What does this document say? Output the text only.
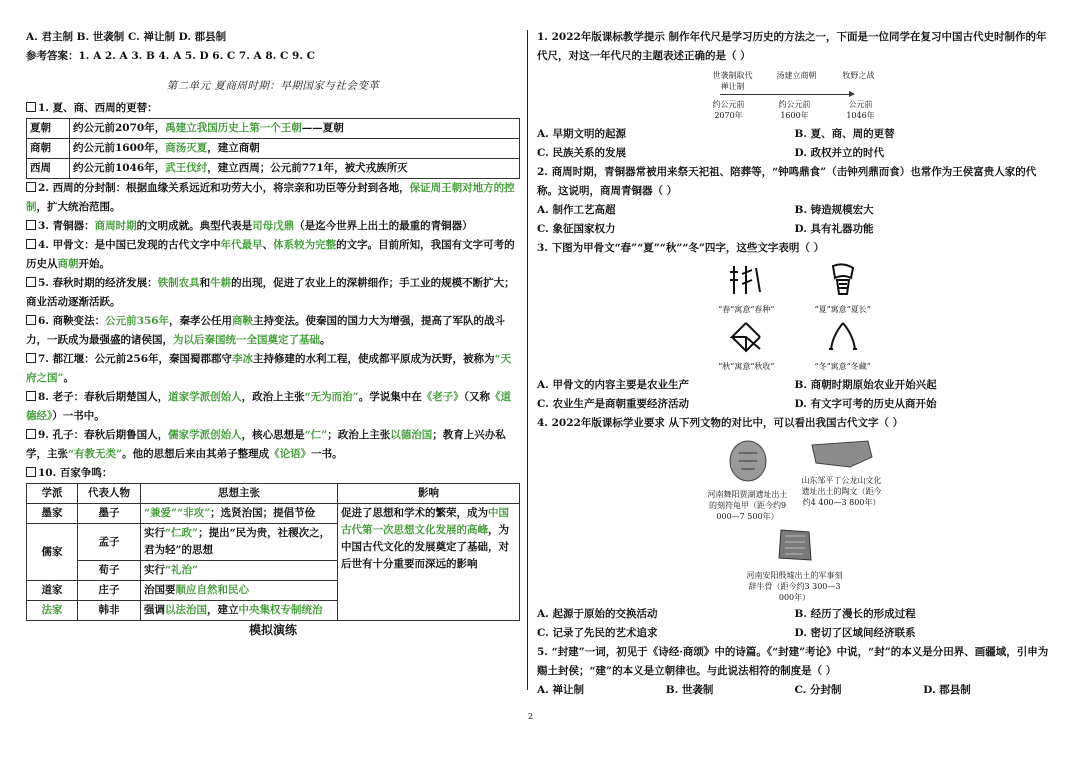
A. 君主制 B. 世袭制 C. 禅让制 D. 郡县制
参考答案：1. A 2. A 3. B 4. A 5. D 6. C 7. A 8. C 9. C
第二单元 夏商周时期：早期国家与社会变革
1. 夏、商、西周的更替：
夏朝	约公元前2070年，禹建立我国历史上第一个王朝——夏朝
商朝	约公元前1600年，商汤灭夏，建立商朝
西周	约公元前1046年，武王伐纣，建立西周；公元前771年，被犬戎族所灭
2. 西周的分封制：根据血缘关系远近和功劳大小，将宗亲和功臣等分封到各地，保证周王朝对地方的控制，扩大统治范围。
3. 青铜器：商周时期的文明成就。典型代表是司母戊鼎（是迄今世界上出土的最重的青铜器）
4. 甲骨文：是中国已发现的古代文字中年代最早、体系较为完整的文字。目前所知，我国有文字可考的历史从商朝开始。
5. 春秋时期的经济发展：铁制农具和牛耕的出现，促进了农业上的深耕细作；手工业的规模不断扩大；商业活动逐渐活跃。
6. 商鞅变法：公元前356年，秦孝公任用商鞅主持变法。使秦国的国力大为增强，提高了军队的战斗力，一跃成为最强盛的诸侯国，为以后秦国统一全国奠定了基础。
7. 都江堰：公元前256年，秦国蜀郡郡守李冰主持修建的水利工程，使成都平原成为沃野，被称为“天府之国”。
8. 老子：春秋后期楚国人，道家学派创始人，政治上主张“无为而治”。学说集中在《老子》（又称《道德经》）一书中。
9. 孔子：春秋后期鲁国人，儒家学派创始人，核心思想是“仁”；政治上主张以德治国；教育上兴办私学，主张“有教无类”。他的思想后来由其弟子整理成《论语》一书。
10. 百家争鸣：
学派	代表人物	思想主张	影响
墨家	墨子	“兼爱”“非攻”；选贤治国；提倡节俭	促进了思想和学术的繁荣，成为中国古代第一次思想文化发展的高峰，为中国古代文化的发展奠定了基础，对后世有十分重要而深远的影响
儒家	孟子	实行“仁政”；提出“民为贵，社稷次之，君为轻”的思想	
	荀子	实行“礼治”	
道家	庄子	治国要顺应自然和民心	
法家	韩非	强调以法治国，建立中央集权专制统治	
模拟演练
1. 2022年版课标教学提示 制作年代尺是学习历史的方法之一，下面是一位同学在复习中国古代史时制作的年代尺，对这一年代尺的主题表述正确的是（ ）
世袭制取代禅让制
汤建立商朝	牧野之战
约公元前2070年
约公元前1600年
公元前1046年
A. 早期文明的起源	B. 夏、商、周的更替
C. 民族关系的发展	D. 政权并立的时代
2. 商周时期，青铜器常被用来祭天祀祖、陪葬等，“钟鸣鼎食”（击钟列鼎而食）也常作为王侯富贵人家的代称。这说明，商周青铜器（ ）
A. 制作工艺高超	B. 铸造规模宏大
C. 象征国家权力	D. 具有礼器功能
3. 下图为甲骨文“春”“夏”“秋”“冬”四字，这些文字表明（ ）
“春”寓意“春种”	“夏”寓意“夏长”
“秋”寓意“秋收”	“冬”寓意“冬藏”
A. 甲骨文的内容主要是农业生产	B. 商朝时期原始农业开始兴起
C. 农业生产是商朝重要经济活动	D. 有文字可考的历史从商开始
4. 2022年版课标学业要求 从下列文物的对比中，可以看出我国古代文字（ ）
河南舞阳贾湖遗址出土的刻符龟甲（距今约9 000—7 500年）
山东邹平丁公龙山文化遗址出土的陶文（距今约4 400—3 800年）
河南安阳殷墟出土的军事刻辞牛骨（距今约3 300—3 000年）
A. 起源于原始的交换活动	B. 经历了漫长的形成过程
C. 记录了先民的艺术追求	D. 密切了区域间经济联系
5. “封建”一词，初见于《诗经·商颂》中的诗篇。《“封建”考论》中说，“封”的本义是分田界、画疆域，引申为赐土封侯；“建”的本义是立朝律也。与此说法相符的制度是（ ）
A. 禅让制	B. 世袭制	C. 分封制	D. 郡县制
2
